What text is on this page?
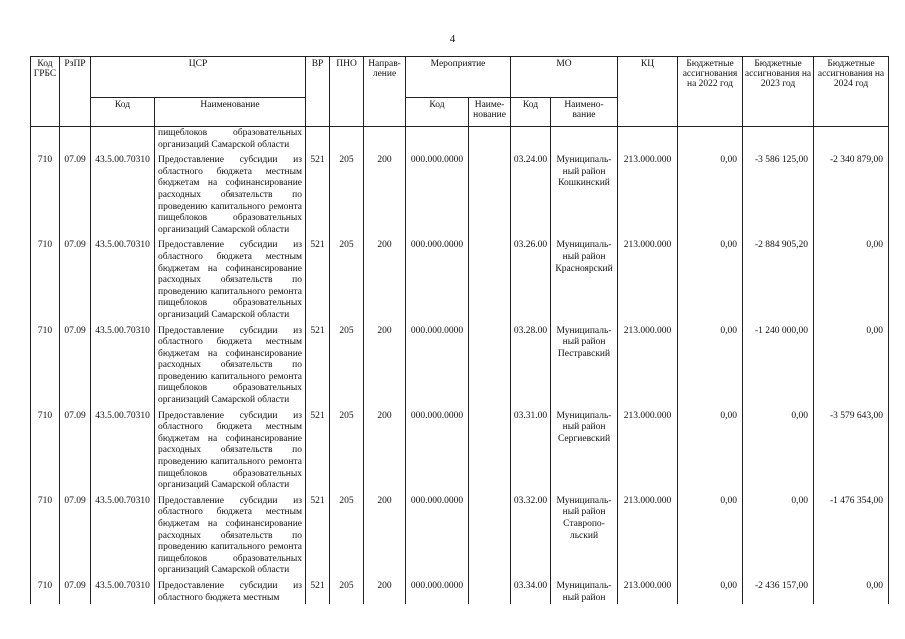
4
Код ГРБС	РзПР	ЦСР		ВР	ПНО	Направ- ление	Мероприятие		МО		КЦ	Бюджетные ассигнования на 2022 год	Бюджетные ассигнования на 2023 год	Бюджетные ассигнования на 2024 год
		Код	Наименование				Код	Наиме- нование	Код	Наимено- вание				
			пищеблоков образовательных организаций Самарской области											
710	07.09	43.5.00.70310	Предоставление субсидии из областного бюджета местным бюджетам на софинансирование расходных обязательств по проведению капитального ремонта пищеблоков образовательных организаций Самарской области	521	205	200	000.000.0000		03.24.00	Муниципаль- ный район Кошкинский	213.000.000	0,00	-3 586 125,00	-2 340 879,00
710	07.09	43.5.00.70310	Предоставление субсидии из областного бюджета местным бюджетам на софинансирование расходных обязательств по проведению капитального ремонта пищеблоков образовательных организаций Самарской области	521	205	200	000.000.0000		03.26.00	Муниципаль- ный район Красноярский	213.000.000	0,00	-2 884 905,20	0,00
710	07.09	43.5.00.70310	Предоставление субсидии из областного бюджета местным бюджетам на софинансирование расходных обязательств по проведению капитального ремонта пищеблоков образовательных организаций Самарской области	521	205	200	000.000.0000		03.28.00	Муниципаль- ный район Пестравский	213.000.000	0,00	-1 240 000,00	0,00
710	07.09	43.5.00.70310	Предоставление субсидии из областного бюджета местным бюджетам на софинансирование расходных обязательств по проведению капитального ремонта пищеблоков образовательных организаций Самарской области	521	205	200	000.000.0000		03.31.00	Муниципаль- ный район Сергиевский	213.000.000	0,00	0,00	-3 579 643,00
710	07.09	43.5.00.70310	Предоставление субсидии из областного бюджета местным бюджетам на софинансирование расходных обязательств по проведению капитального ремонта пищеблоков образовательных организаций Самарской области	521	205	200	000.000.0000		03.32.00	Муниципаль- ный район Ставропо- льский	213.000.000	0,00	0,00	-1 476 354,00
710	07.09	43.5.00.70310	Предоставление субсидии из областного бюджета местным	521	205	200	000.000.0000		03.34.00	Муниципаль- ный район	213.000.000	0,00	-2 436 157,00	0,00
